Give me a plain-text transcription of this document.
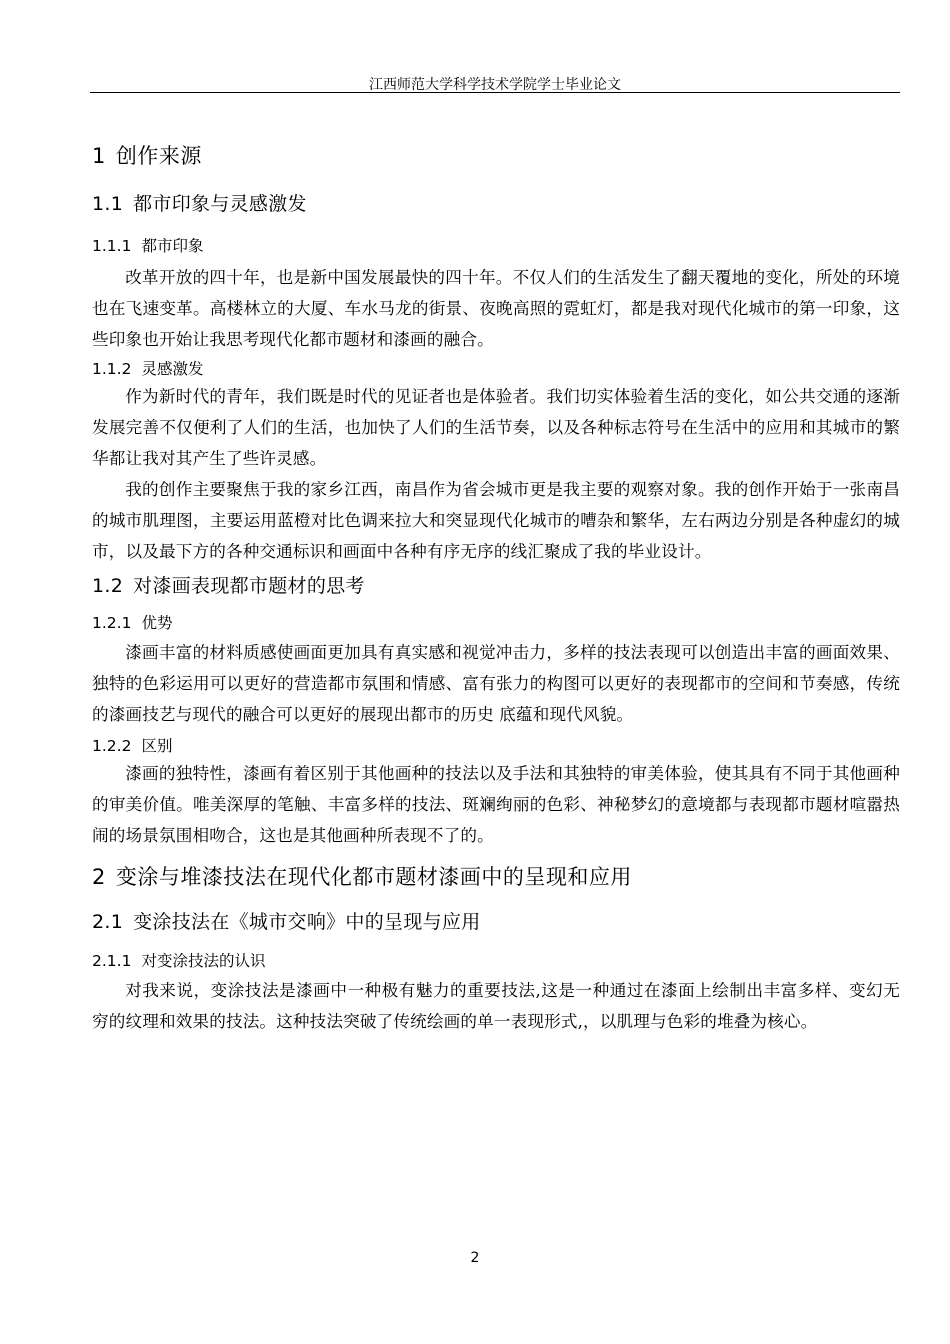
江西师范大学科学技术学院学士毕业论文
1 创作来源
1.1 都市印象与灵感激发
1.1.1 都市印象

改革开放的四十年，也是新中国发展最快的四十年。不仅人们的生活发生了翻天覆地的变化，所处的环境也在飞速变革。高楼林立的大厦、车水马龙的街景、夜晚高照的霓虹灯，都是我对现代化城市的第一印象，这些印象也开始让我思考现代化都市题材和漆画的融合。

1.1.2 灵感激发

作为新时代的青年，我们既是时代的见证者也是体验者。我们切实体验着生活的变化，如公共交通的逐渐发展完善不仅便利了人们的生活，也加快了人们的生活节奏，以及各种标志符号在生活中的应用和其城市的繁华都让我对其产生了些许灵感。

我的创作主要聚焦于我的家乡江西，南昌作为省会城市更是我主要的观察对象。我的创作开始于一张南昌的城市肌理图，主要运用蓝橙对比色调来拉大和突显现代化城市的嘈杂和繁华，左右两边分别是各种虚幻的城市，以及最下方的各种交通标识和画面中各种有序无序的线汇聚成了我的毕业设计。

1.2 对漆画表现都市题材的思考
1.2.1 优势

漆画丰富的材料质感使画面更加具有真实感和视觉冲击力，多样的技法表现可以创造出丰富的画面效果、独特的色彩运用可以更好的营造都市氛围和情感、富有张力的构图可以更好的表现都市的空间和节奏感，传统的漆画技艺与现代的融合可以更好的展现出都市的历史 底蕴和现代风貌。

1.2.2 区别

漆画的独特性，漆画有着区别于其他画种的技法以及手法和其独特的审美体验，使其具有不同于其他画种的审美价值。唯美深厚的笔触、丰富多样的技法、斑斓绚丽的色彩、神秘梦幻的意境都与表现都市题材喧嚣热闹的场景氛围相吻合，这也是其他画种所表现不了的。

2 变涂与堆漆技法在现代化都市题材漆画中的呈现和应用
2.1 变涂技法在《城市交响》中的呈现与应用
2.1.1 对变涂技法的认识

对我来说，变涂技法是漆画中一种极有魅力的重要技法,这是一种通过在漆面上绘制出丰富多样、变幻无穷的纹理和效果的技法。这种技法突破了传统绘画的单一表现形式,，以肌理与色彩的堆叠为核心。

2
